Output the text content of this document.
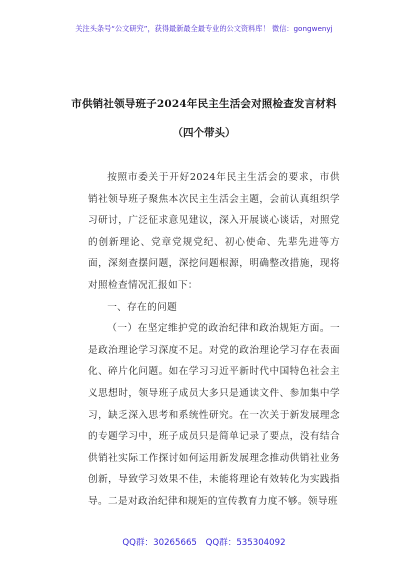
关注头条号“公文研究”，获得最新最全最专业的公文资料库！ 微信：gongwenyj
市供销社领导班子2024年民主生活会对照检查发言材料
（四个带头）

按照市委关于开好2024年民主生活会的要求，市供销社领导班子聚焦本次民主生活会主题，会前认真组织学习研讨，广泛征求意见建议，深入开展谈心谈话，对照党的创新理论、党章党规党纪、初心使命、先辈先进等方面，深刻查摆问题，深挖问题根源，明确整改措施，现将对照检查情况汇报如下：

一、存在的问题

（一）在坚定维护党的政治纪律和政治规矩方面。一是政治理论学习深度不足。对党的政治理论学习存在表面化、碎片化问题。如在学习习近平新时代中国特色社会主义思想时，领导班子成员大多只是通读文件、参加集中学习，缺乏深入思考和系统性研究。在一次关于新发展理念的专题学习中，班子成员只是简单记录了要点，没有结合供销社实际工作探讨如何运用新发展理念推动供销社业务创新，导致学习效果不佳，未能将理论有效转化为实践指导。二是对政治纪律和规矩的宣传教育力度不够。领导班

QQ群：30265665 QQ群：535304092
